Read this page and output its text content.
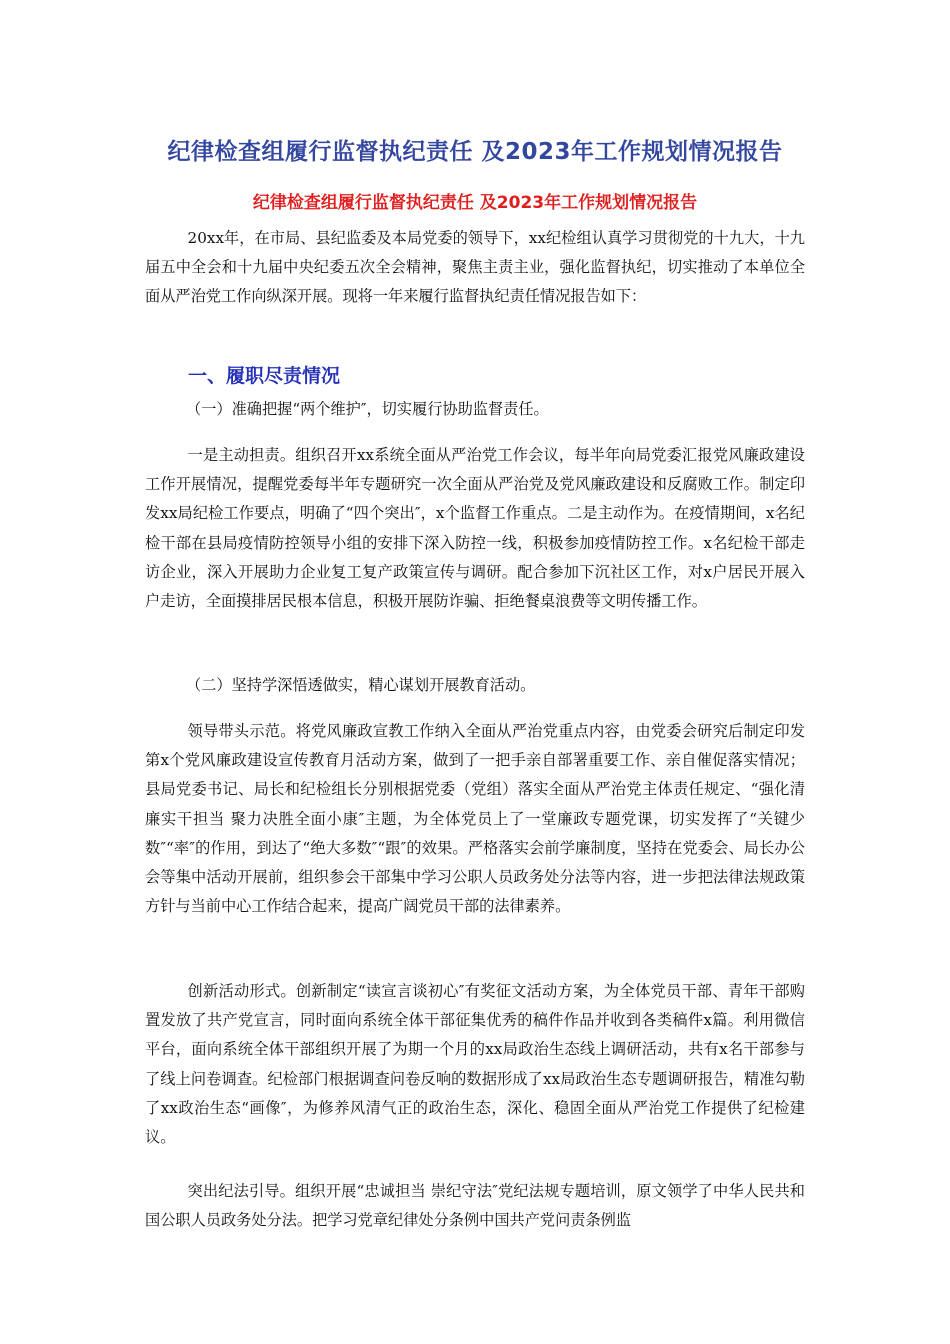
纪律检查组履行监督执纪责任 及2023年工作规划情况报告
纪律检查组履行监督执纪责任 及2023年工作规划情况报告

20xx年，在市局、县纪监委及本局党委的领导下，xx纪检组认真学习贯彻党的十九大，十九届五中全会和十九届中央纪委五次全会精神，聚焦主责主业，强化监督执纪，切实推动了本单位全面从严治党工作向纵深开展。现将一年来履行监督执纪责任情况报告如下：

一、履职尽责情况

（一）准确把握“两个维护″，切实履行协助监督责任。

一是主动担责。组织召开xx系统全面从严治党工作会议，每半年向局党委汇报党风廉政建设工作开展情况，提醒党委每半年专题研究一次全面从严治党及党风廉政建设和反腐败工作。制定印发xx局纪检工作要点，明确了“四个突出″，x个监督工作重点。二是主动作为。在疫情期间，x名纪检干部在县局疫情防控领导小组的安排下深入防控一线，积极参加疫情防控工作。x名纪检干部走访企业，深入开展助力企业复工复产政策宣传与调研。配合参加下沉社区工作，对x户居民开展入户走访，全面摸排居民根本信息，积极开展防诈骗、拒绝餐桌浪费等文明传播工作。

（二）坚持学深悟透做实，精心谋划开展教育活动。

领导带头示范。将党风廉政宣教工作纳入全面从严治党重点内容，由党委会研究后制定印发第x个党风廉政建设宣传教育月活动方案，做到了一把手亲自部署重要工作、亲自催促落实情况；县局党委书记、局长和纪检组长分别根据党委（党组）落实全面从严治党主体责任规定、“强化清廉实干担当 聚力决胜全面小康″主题，为全体党员上了一堂廉政专题党课，切实发挥了“关键少数″“率″的作用，到达了“绝大多数″“跟″的效果。严格落实会前学廉制度，坚持在党委会、局长办公会等集中活动开展前，组织参会干部集中学习公职人员政务处分法等内容，进一步把法律法规政策方针与当前中心工作结合起来，提高广阔党员干部的法律素养。

创新活动形式。创新制定“读宣言谈初心″有奖征文活动方案，为全体党员干部、青年干部购置发放了共产党宣言，同时面向系统全体干部征集优秀的稿件作品并收到各类稿件x篇。利用微信平台，面向系统全体干部组织开展了为期一个月的xx局政治生态线上调研活动，共有x名干部参与了线上问卷调查。纪检部门根据调查问卷反响的数据形成了xx局政治生态专题调研报告，精准勾勒了xx政治生态“画像″，为修养风清气正的政治生态，深化、稳固全面从严治党工作提供了纪检建议。

突出纪法引导。组织开展“忠诚担当 崇纪守法″党纪法规专题培训，原文领学了中华人民共和国公职人员政务处分法。把学习党章纪律处分条例中国共产党问责条例监
